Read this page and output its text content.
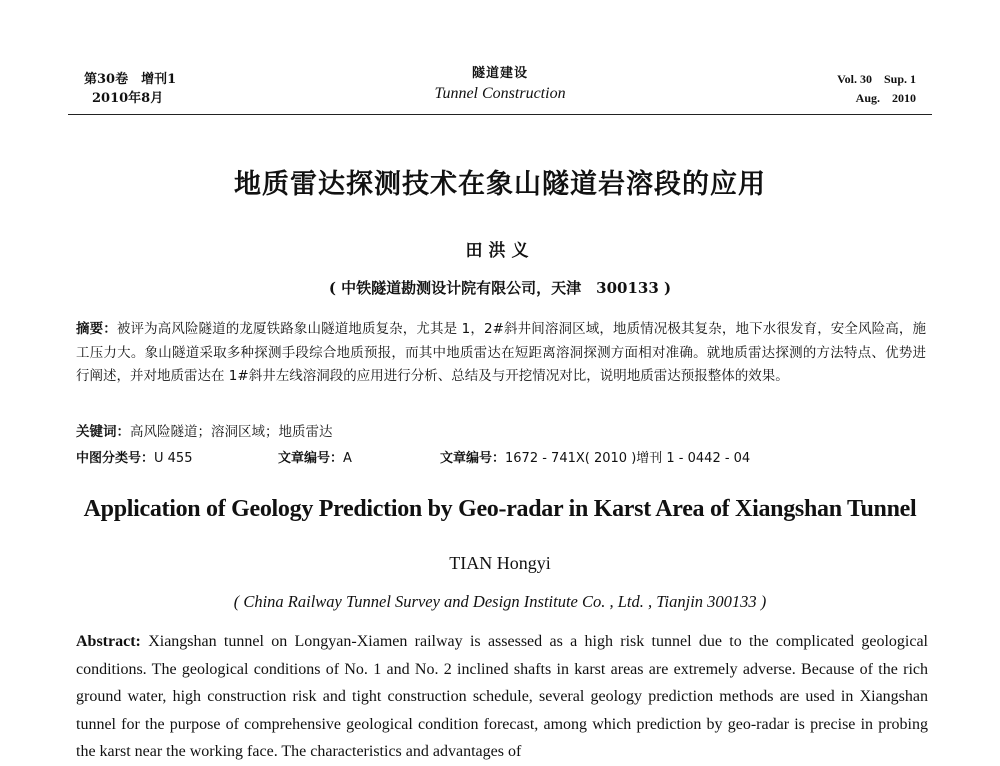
第30卷　增刊1
2010年8月
隧道建设
Tunnel Construction
Vol. 30　Sup. 1
Aug.　2010
地质雷达探测技术在象山隧道岩溶段的应用
田洪义
( 中铁隧道勘测设计院有限公司，天津　300133 )
摘要：被评为高风险隧道的龙厦铁路象山隧道地质复杂，尤其是 1，2#斜井间溶洞区域，地质情况极其复杂，地下水很发育，安全风险高，施工压力大。象山隧道采取多种探测手段综合地质预报，而其中地质雷达在短距离溶洞探测方面相对准确。就地质雷达探测的方法特点、优势进行阐述，并对地质雷达在 1#斜井左线溶洞段的应用进行分析、总结及与开挖情况对比，说明地质雷达预报整体的效果。
关键词：高风险隧道；溶洞区域；地质雷达
中图分类号：U 455	文章编号：A	文章编号：1672 - 741X( 2010 )增刊 1 - 0442 - 04
Application of Geology Prediction by Geo-radar in Karst Area of Xiangshan Tunnel
TIAN Hongyi
( China Railway Tunnel Survey and Design Institute Co. , Ltd. , Tianjin 300133 )
Abstract: Xiangshan tunnel on Longyan-Xiamen railway is assessed as a high risk tunnel due to the complicated geological conditions. The geological conditions of No. 1 and No. 2 inclined shafts in karst areas are extremely adverse. Because of the rich ground water, high construction risk and tight construction schedule, several geology prediction methods are used in Xiangshan tunnel for the purpose of comprehensive geological condition forecast, among which prediction by geo-radar is precise in probing the karst near the working face. The characteristics and advantages of
